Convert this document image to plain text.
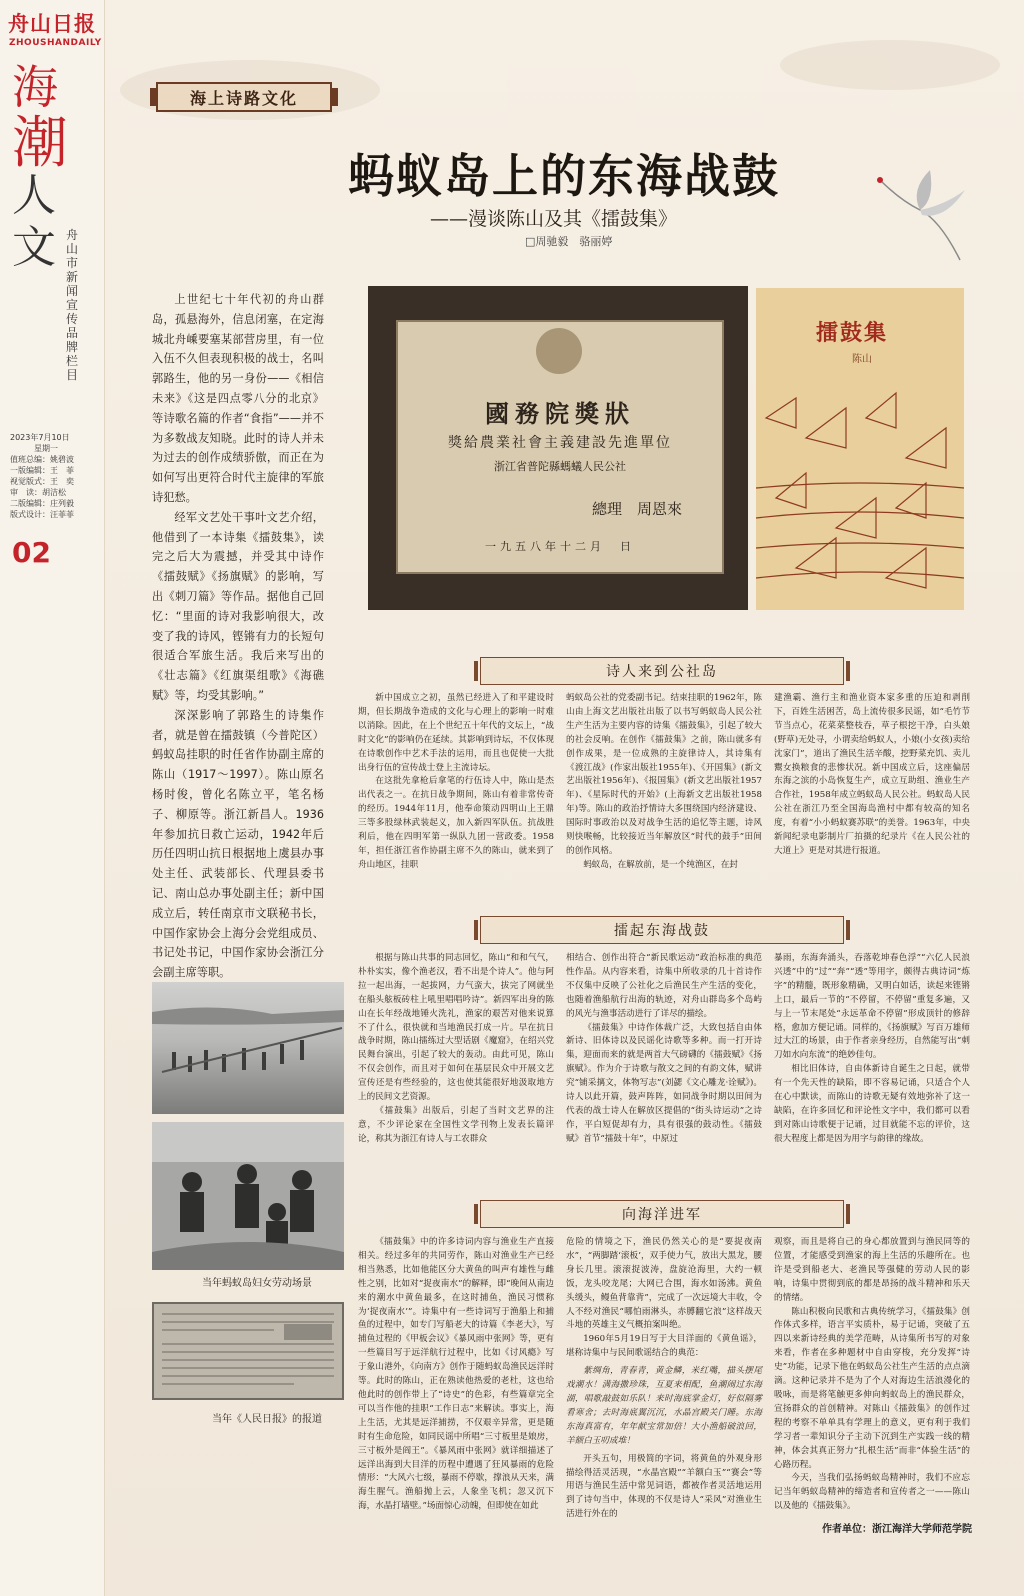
舟山日报
ZHOUSHANDAILY
海
潮
人
文 舟山市新闻宣传品牌栏目
2023年7月10日
星期一
值班总编：姚碧波
一版编辑：王　菲
视觉版式：王　奕
审　读：胡洁松
二版编辑：庄列毅
版式设计：汪菲菲
02
海上诗路文化
蚂蚁岛上的东海战鼓
——漫谈陈山及其《擂鼓集》
□周驰毅　骆丽婷

上世纪七十年代初的舟山群岛，孤悬海外，信息闭塞，在定海城北舟嵊要塞某部营房里，有一位入伍不久但表现积极的战士，名叫郭路生，他的另一身份——《相信未来》《这是四点零八分的北京》等诗歌名篇的作者“食指”——并不为多数战友知晓。此时的诗人并未为过去的创作成绩骄傲，而正在为如何写出更符合时代主旋律的军旅诗犯愁。

经军文艺处干事叶文艺介绍，他借到了一本诗集《擂鼓集》，读完之后大为震撼，并受其中诗作《擂鼓赋》《扬旗赋》的影响，写出《刺刀篇》等作品。据他自己回忆：“里面的诗对我影响很大，改变了我的诗风，铿锵有力的长短句很适合军旅生活。我后来写出的《壮志篇》《红旗渠组歌》《海礁赋》等，均受其影响。”

深深影响了郭路生的诗集作者，就是曾在擂鼓镇（今普陀区）蚂蚁岛挂职的时任省作协副主席的陈山（1917～1997）。陈山原名杨时俊，曾化名陈立平，笔名杨子、柳原等。浙江新昌人。1936年参加抗日救亡运动，1942年后历任四明山抗日根据地上虞县办事处主任、武装部长、代理县委书记、南山总办事处副主任；新中国成立后，转任南京市文联秘书长，中国作家协会上海分会党组成员、书记处书记，中国作家协会浙江分会副主席等职。

國務院獎狀
獎給農業社會主義建設先進單位
浙江省普陀縣螞蟻人民公社
總理　周恩來
一九五八年十二月　日
擂鼓集
陈山
诗人来到公社岛

新中国成立之初，虽然已经进入了和平建设时期，但长期战争造成的文化与心理上的影响一时难以消除。因此，在上个世纪五十年代的文坛上，“战时文化”的影响仍在延续。其影响到诗坛，不仅体现在诗歌创作中艺术手法的运用，而且也促使一大批出身行伍的宣传战士登上主流诗坛。

在这批先拿枪后拿笔的行伍诗人中，陈山是杰出代表之一。在抗日战争期间，陈山有着非常传奇的经历。1944年11月，他奉命策动四明山上王鼎三等多股绿林武装起义，加入新四军队伍。抗战胜利后，他在四明军第一纵队九团一营政委。1958年，担任浙江省作协副主席不久的陈山，就来到了舟山地区，挂职

蚂蚁岛公社的党委副书记。结束挂职的1962年，陈山由上海文艺出版社出版了以书写蚂蚁岛人民公社生产生活为主要内容的诗集《擂鼓集》，引起了较大的社会反响。在创作《擂鼓集》之前，陈山就多有创作成果，是一位成熟的主旋律诗人，其诗集有《渡江战》(作家出版社1955年)、《开国集》(新文艺出版社1956年)、《报国集》(新文艺出版社1957年)、《星际时代的开始》(上海新文艺出版社1958年)等。陈山的政治抒情诗大多围绕国内经济建设、国际时事政治以及对战争生活的追忆等主题，诗风则快喉畅，比较接近当年解放区“时代的鼓手”田间的创作风格。

蚂蚁岛，在解放前，是一个纯渔区，在封

建渔霸、渔行主和渔业资本家多重的压迫和剥削下，百姓生活困苦，岛上流传很多民谣，如“毛竹节节当点心，花菜菜整枝吞，草子根挖干净，白头娘(野草)无处寻，小谓卖给蚂蚁人，小娘(小女孩)卖给沈家门”，道出了渔民生活辛酸，挖野菜充饥、卖儿鬻女换粮食的悲惨状况。新中国成立后，这座偏居东海之滨的小岛恢复生产，成立互助组、渔业生产合作社，1958年成立蚂蚁岛人民公社。蚂蚁岛人民公社在浙江乃至全国海岛渔村中都有较高的知名度，有着“小小蚂蚁赛苏联”的美誉。1963年，中央新闻纪录电影制片厂拍摄的纪录片《在人民公社的大道上》更是对其进行报道。

擂起东海战鼓

根据与陈山共事的同志回忆，陈山“和和气气，朴朴实实，像个渔老汉，看不出是个诗人”。他与阿拉一起出海，一起拔网，力气蛮大，拔完了网就坐在船头舷板砖柱上吼里唱唱吟诗”。新四军出身的陈山在长年经战地锤火洗礼，渔家的艰苦对他来说算不了什么，很快就和当地渔民打成一片。早在抗日战争时期，陈山擂练过大型话剧《魔窟》，在绍兴党民舞台演出，引起了较大的轰动。由此可见，陈山不仅会创作，而且对于如何在基层民众中开展文艺宣传还是有些经验的，这也使其能很好地汲取地方上的民间文艺资源。

《擂鼓集》出版后，引起了当时文艺界的注意，不少评论家在全国性文学刊物上发表长篇评论，称其为浙江有诗人与工农群众

相结合、创作出符合“新民歌运动”政治标准的典范性作品。从内容来看，诗集中所收录的几十首诗作不仅集中反映了公社化之后渔民生产生活的变化，也随着渔船航行出海的轨迹，对舟山群岛多个岛屿的风光与渔事活动进行了详尽的描绘。

《擂鼓集》中诗作体裁广泛，大致包括自由体新诗、旧体诗以及民谣化诗歌等多种。而一打开诗集，迎面而来的就是两首大气磅礴的《擂鼓赋》《扬旗赋》。作为介于诗歌与散文之间的有韵文体，赋讲究“铺采摛文，体物写志”(刘勰《文心雕龙·诠赋》)。诗人以此开篇，鼓声阵阵，如同战争时期以田间为代表的战士诗人在解放区提倡的“街头诗运动”之诗作，平白短促却有力，具有很强的鼓动性。《擂鼓赋》首节“擂鼓十年”，中原过

暴雨，东海奔涌头，吞落乾坤春色浮”“六亿人民浪兴透”中的“过”“奔”“透”等用字，颇得古典诗词“炼字”的精髓，既形象精确，又明白如话，读起来铿锵上口，最后一节的“不停留，不停留”重复多遍，又与上一节末尾处“永远革命不停留”形成顶针的修辞格，愈加方便记诵。同样的，《扬旗赋》写百万雄师过大江的场景，由于作者亲身经历，自然能写出“刺刀如水向东流”的绝妙佳句。

相比旧体诗，自由体新诗自诞生之日起，就带有一个先天性的缺陷，即不容易记诵，只适合个人在心中默读，而陈山的诗歌无疑有效地弥补了这一缺陷，在许多回忆和评论性文字中，我们都可以看到对陈山诗歌便于记诵，过目就能不忘的评价，这很大程度上都是因为用字与韵律的缘故。

向海洋进军

《擂鼓集》中的许多诗词内容与渔业生产直接相关。经过多年的共同劳作，陈山对渔业生产已经相当熟悉，比如他能区分大黄鱼的叫声有雄性与雌性之别，比如对“捉夜南水”的解释，即“晚间从南边来的潮水中黄鱼最多，在这时捕鱼，渔民习惯称为‘捉夜南水’”。诗集中有一些诗词写于渔船上和捕鱼的过程中，如专门写船老大的诗篇《李老大》，写捕鱼过程的《甲板会议》《暴风雨中张网》等，更有一些篇目写于远洋航行过程中，比如《讨风瘾》写于象山港外，《向南方》创作于随蚂蚁岛渔民远洋时等。此时的陈山，正在熟读他热爱的老杜，这也给他此时的创作带上了“诗史”的色彩，有些篇章完全可以当作他的挂职“工作日志”来解读。事实上，海上生活，尤其是远洋捕捞，不仅艰辛异常，更是随时有生命危险，如同民谣中所唱“三寸板里是娘房，三寸板外是阎王”。《暴风雨中张网》就详细描述了远洋出海到大目洋的历程中遭遇了狂风暴雨的危险情形：“大风六七级，暴雨不停歇，撑浪从天来，满海生腥气。渔船抛上云，人象坐飞机；忽又沉下海，水晶打墙壁。”场面惊心动魄，但即使在如此

危险的情境之下，渔民仍然关心的是“要捉夜南水”，“两脚踏‘滚板’，双手使力气，放出大黑龙，腰身长几里。滚滚捉波涛，盘旋沧海里，大约一顿饭，龙头咬龙尾；大网已合围，海水如汤沸。黄鱼头缓头，鳗鱼背靠背”，完成了一次远境大丰收，令人不经对渔民“哪怕雨淋头，赤膊翻它浪”这样战天斗地的英雄主义气概拍案叫绝。

1960年5月19日写于大目洋面的《黄鱼谣》，堪称诗集中与民间歌谣结合的典范：

紫绸角，青春青，黄金鳞，米红嘴，描头摆尾戏潮水！满海撒珍珠，互夏来相配，鱼潮闹过东海湖，唱歌敲鼓如乐队！来时海底掌金灯，好似隔雾看寒舍；去时海底翼沉沉，水晶宫殿关门睡。东海东海真富有，年年献宝常加倍！大小渔船破浪回，羊额白玉叨成堆！

开头五句，用极简的字词，将黄鱼的外观身形描绘得活灵活现，“水晶宫殿”“羊额白玉”“赛会”等用语与渔民生活中常见词语，都被作者灵活地运用到了诗句当中，体现的不仅是诗人“采风”对渔业生活进行外在的

观察，而且是将自己的身心都放置到与渔民同等的位置，才能感受到渔家的海上生活的乐趣所在。也许是受到船老大、老渔民等强健的劳动人民的影响，诗集中贯彻到底的都是昂扬的战斗精神和乐天的情绪。

陈山积极向民歌和古典传统学习，《擂鼓集》创作体式多样，语言平实质朴，易于记诵，突破了五四以来新诗经典的美学范畴，从诗集所书写的对象来看，作者在多种题材中自由穿梭，充分发挥“诗史”功能，记录下他在蚂蚁岛公社生产生活的点点滴滴。这种记录并不是为了个人对海边生活浪漫化的吸咏，而是将笔触更多伸向蚂蚁岛上的渔民群众，宣扬群众的首创精神。对陈山《擂鼓集》的创作过程的考察不单单具有学理上的意义，更有利于我们学习者一辈知识分子主动下沉到生产实践一线的精神，体会其真正努力“扎根生活”而非“体验生活”的心路历程。

今天，当我们弘扬蚂蚁岛精神时，我们不应忘记当年蚂蚁岛精神的缔造者和宣传者之一——陈山以及他的《擂鼓集》。

作者单位：浙江海洋大学师范学院
当年蚂蚁岛妇女劳动场景
当年《人民日报》的报道
